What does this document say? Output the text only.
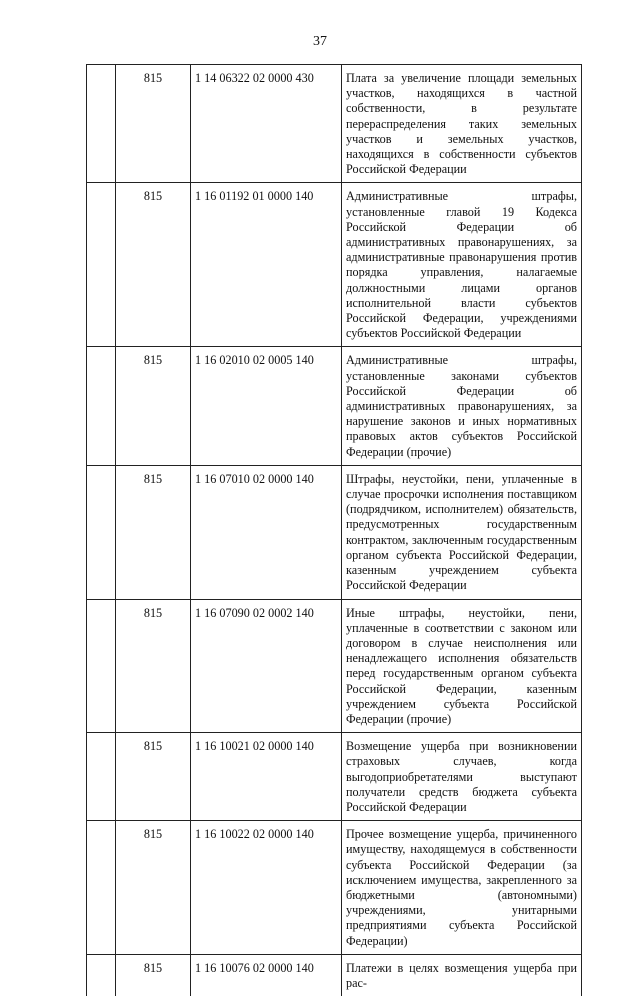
37
	815	1 14 06322 02 0000 430	Плата за увеличение площади земельных участков, находящихся в частной собственности, в результате перераспределения таких земельных участков и земельных участков, находящихся в собственности субъектов Российской Федерации
	815	1 16 01192 01 0000 140	Административные штрафы, установленные главой 19 Кодекса Российской Федерации об административных правонарушениях, за административные правонарушения против порядка управления, налагаемые должностными лицами органов исполнительной власти субъектов Российской Федерации, учреждениями субъектов Российской Федерации
	815	1 16 02010 02 0005 140	Административные штрафы, установленные законами субъектов Российской Федерации об административных правонарушениях, за нарушение законов и иных нормативных правовых актов субъектов Российской Федерации (прочие)
	815	1 16 07010 02 0000 140	Штрафы, неустойки, пени, уплаченные в случае просрочки исполнения поставщиком (подрядчиком, исполнителем) обязательств, предусмотренных государственным контрактом, заключенным государственным органом субъекта Российской Федерации, казенным учреждением субъекта Российской Федерации
	815	1 16 07090 02 0002 140	Иные штрафы, неустойки, пени, уплаченные в соответствии с законом или договором в случае неисполнения или ненадлежащего исполнения обязательств перед государственным органом субъекта Российской Федерации, казенным учреждением субъекта Российской Федерации (прочие)
	815	1 16 10021 02 0000 140	Возмещение ущерба при возникновении страховых случаев, когда выгодоприобретателями выступают получатели средств бюджета субъекта Российской Федерации
	815	1 16 10022 02 0000 140	Прочее возмещение ущерба, причиненного имуществу, находящемуся в собственности субъекта Российской Федерации (за исключением имущества, закрепленного за бюджетными (автономными) учреждениями, унитарными предприятиями субъекта Российской Федерации)
	815	1 16 10076 02 0000 140	Платежи в целях возмещения ущерба при рас-
